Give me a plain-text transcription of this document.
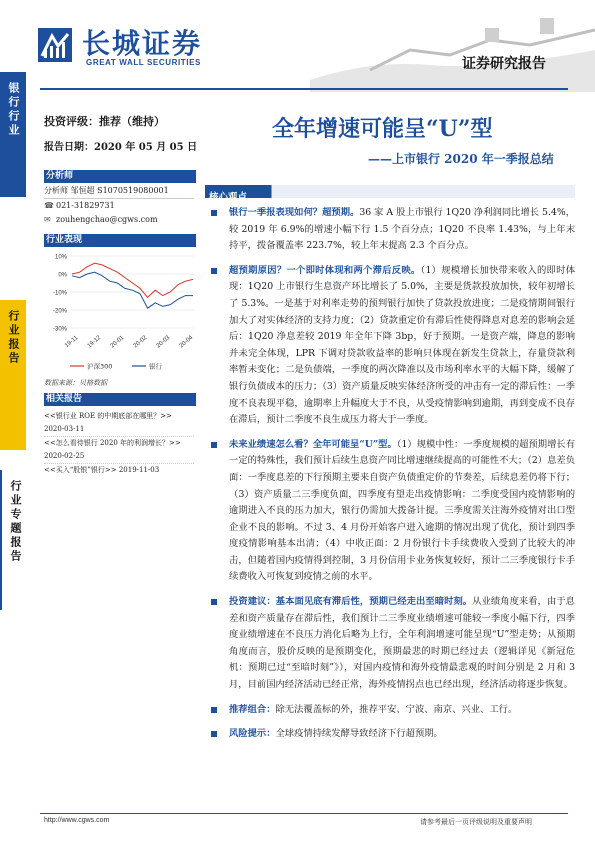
长城证券
GREAT WALL SECURITIES	证券研究报告
银行行业
行业报告
行业专题报告
投资评级：推荐（维持）
报告日期：2020 年 05 月 05 日
全年增速可能呈“U”型
——上市银行 2020 年一季报总结
分析师
分析师 邹恒超 S1070519080001
☎ 021-31829731
✉ zouhengchao@cgws.com
行业表现
10%
0%
-10%
-20%
-30%
19-11 19-12 20-01 20-02 20-03 20-04
沪深300	银行
数据来源：贝格数据
相关报告
<<银行业 ROE 的中期底部在哪里？>>
2020-03-11
<<怎么看待银行 2020 年的利润增长？>>
2020-02-25
<<买入“股银”银行>> 2019-11-03
核心观点
银行一季报表现如何？超预期。36 家 A 股上市银行 1Q20 净利润同比增长 5.4%，较 2019 年 6.9%的增速小幅下行 1.5 个百分点；1Q20 不良率 1.43%，与上年末持平，拨备覆盖率 223.7%，较上年末提高 2.3 个百分点。
超预期原因？一个即时体现和两个滞后反映。（1）规模增长加快带来收入的即时体现：1Q20 上市银行生息资产环比增长了 5.0%，主要是货款投放加快，较年初增长了 5.3%。一是基于对利率走势的预判银行加快了贷款投放进度；二是疫情期间银行加大了对实体经济的支持力度；（2）贷款重定价有滞后性使得降息对息差的影响会延后：1Q20 净息差较 2019 年全年下降 3bp，好于预期。一是资产端，降息的影响并未完全体现，LPR 下调对贷款收益率的影响只体现在新发生贷款上，存量贷款利率暂未变化；二是负债端，一季度的两次降准以及市场利率水平的大幅下降，缓解了银行负债成本的压力；（3）资产质量反映实体经济所受的冲击有一定的滞后性：一季度不良表现平稳，逾期率上升幅度大于不良，从受疫情影响到逾期，再到变成不良存在滞后，预计二季度不良生成压力将大于一季度。
未来业绩速怎么看？全年可能呈“U”型。（1）规模中性：一季度规模的超预期增长有一定的特殊性，我们预计后续生息资产同比增速继续提高的可能性不大；（2）息差负面：一季度息差的下行预期主要来自资产负债重定价的节奏差，后续息差仍将下行；（3）资产质量二三季度负面，四季度有望走出疫情影响：二季度受国内疫情影响的逾期进入不良的压力加大，银行仍需加大拨备计提。三季度需关注海外疫情对出口型企业不良的影响。不过 3、4 月份开始客户进入逾期的情况出现了优化，预计到四季度疫情影响基本出清；（4）中收正面：2 月份银行卡手续费收入受到了比较大的冲击，但随着国内疫情得到控制，3 月份信用卡业务恢复较好，预计二三季度银行卡手续费收入可恢复到疫情之前的水平。
投资建议：基本面见底有滞后性，预期已经走出至暗时刻。从业绩角度来看，由于息差和资产质量存在滞后性，我们预计二三季度业绩增速可能较一季度小幅下行，四季度业绩增速在不良压力消化后略为上行，全年利润增速可能呈现“U”型走势；从预期角度而言，股价反映的是预期变化，预期最悲的时期已经过去（逻辑详见《新冠危机：预期已过“至暗时刻”》），对国内疫情和海外疫情最悲观的时间分别是 2 月和 3 月，目前国内经济活动已经正常，海外疫情拐点也已经出现，经济活动将逐步恢复。
推荐组合：除无法覆盖标的外，推荐平安、宁波、南京、兴业、工行。
风险提示：全球疫情持续发酵导致经济下行超预期。
http://www.cgws.com	请参考最后一页评级说明及重要声明
